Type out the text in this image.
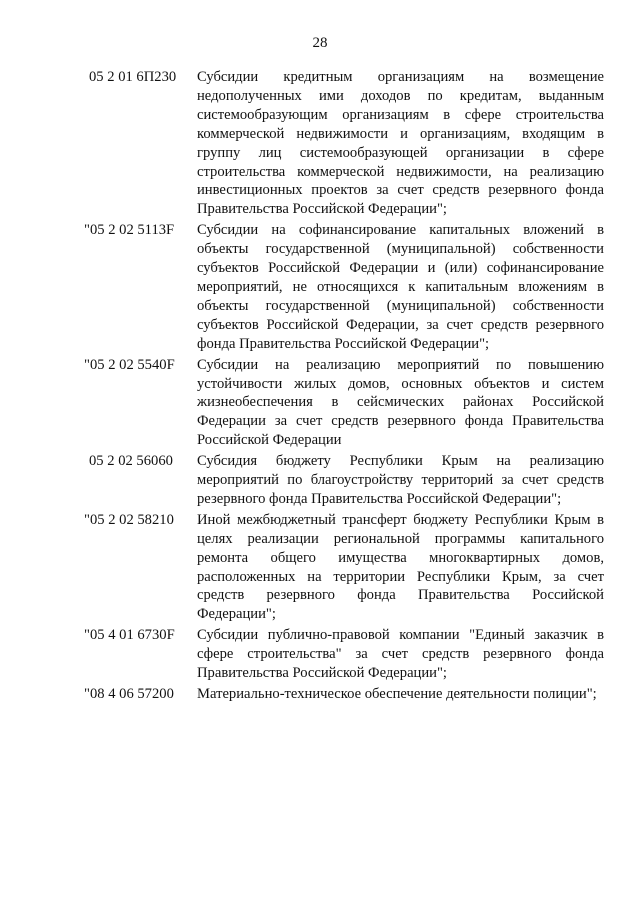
28
05 2 01 6П230	Субсидии кредитным организациям на возмещение недополученных ими доходов по кредитам, выданным системообразующим организациям в сфере строительства коммерческой недвижимости и организациям, входящим в группу лиц системообразующей организации в сфере строительства коммерческой недвижимости, на реализацию инвестиционных проектов за счет средств резервного фонда Правительства Российской Федерации";
"05 2 02 5113F	Субсидии на софинансирование капитальных вложений в объекты государственной (муниципальной) собственности субъектов Российской Федерации и (или) софинансирование мероприятий, не относящихся к капитальным вложениям в объекты государственной (муниципальной) собственности субъектов Российской Федерации, за счет средств резервного фонда Правительства Российской Федерации";
"05 2 02 5540F	Субсидии на реализацию мероприятий по повышению устойчивости жилых домов, основных объектов и систем жизнеобеспечения в сейсмических районах Российской Федерации за счет средств резервного фонда Правительства Российской Федерации
05 2 02 56060	Субсидия бюджету Республики Крым на реализацию мероприятий по благоустройству территорий за счет средств резервного фонда Правительства Российской Федерации";
"05 2 02 58210	Иной межбюджетный трансферт бюджету Республики Крым в целях реализации региональной программы капитального ремонта общего имущества многоквартирных домов, расположенных на территории Республики Крым, за счет средств резервного фонда Правительства Российской Федерации";
"05 4 01 6730F	Субсидии публично-правовой компании "Единый заказчик в сфере строительства" за счет средств резервного фонда Правительства Российской Федерации";
"08 4 06 57200	Материально-техническое обеспечение деятельности полиции";
